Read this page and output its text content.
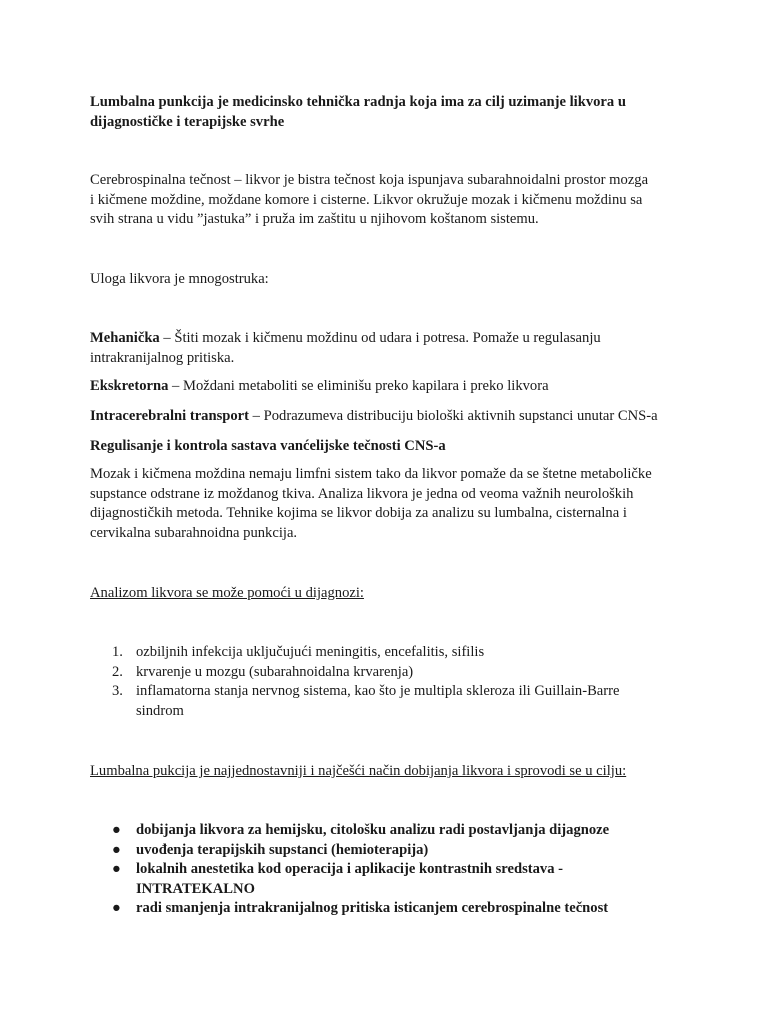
Lumbalna punkcija je medicinsko tehnička radnja koja ima za cilj uzimanje likvora u
dijagnostičke i terapijske svrhe
Cerebrospinalna tečnost – likvor je bistra tečnost koja ispunjava subarahnoidalni prostor mozga
i kičmene moždine, moždane komore i cisterne. Likvor okružuje mozak i kičmenu moždinu sa
svih strana u vidu ”jastuka” i pruža im zaštitu u njihovom koštanom sistemu.
Uloga likvora je mnogostruka:
Mehanička – Štiti mozak i kičmenu moždinu od udara i potresa. Pomaže u regulasanju
intrakranijalnog pritiska.
Ekskretorna – Moždani metaboliti se eliminišu preko kapilara i preko likvora
Intracerebralni transport – Podrazumeva distribuciju biološki aktivnih supstanci unutar CNS-a
Regulisanje i kontrola sastava vanćelijske tečnosti CNS-a
Mozak i kičmena moždina nemaju limfni sistem tako da likvor pomaže da se štetne metaboličke
supstance odstrane iz moždanog tkiva. Analiza likvora je jedna od veoma važnih neuroloških
dijagnostičkih metoda. Tehnike kojima se likvor dobija za analizu su lumbalna, cisternalna i
cervikalna subarahnoidna punkcija.
Analizom likvora se može pomoći u dijagnozi:
1. ozbiljnih infekcija uključujući meningitis, encefalitis, sifilis
2. krvarenje u mozgu (subarahnoidalna krvarenja)
3. inflamatorna stanja nervnog sistema, kao što je multipla skleroza ili Guillain-Barre
sindrom
Lumbalna pukcija je najjednostavniji i najčešći način dobijanja likvora i sprovodi se u cilju:
● dobijanja likvora za hemijsku, citološku analizu radi postavljanja dijagnoze
● uvođenja terapijskih supstanci (hemioterapija)
● lokalnih anestetika kod operacija i aplikacije kontrastnih sredstava -
INTRATEKALNO
● radi smanjenja intrakranijalnog pritiska isticanjem cerebrospinalne tečnost
